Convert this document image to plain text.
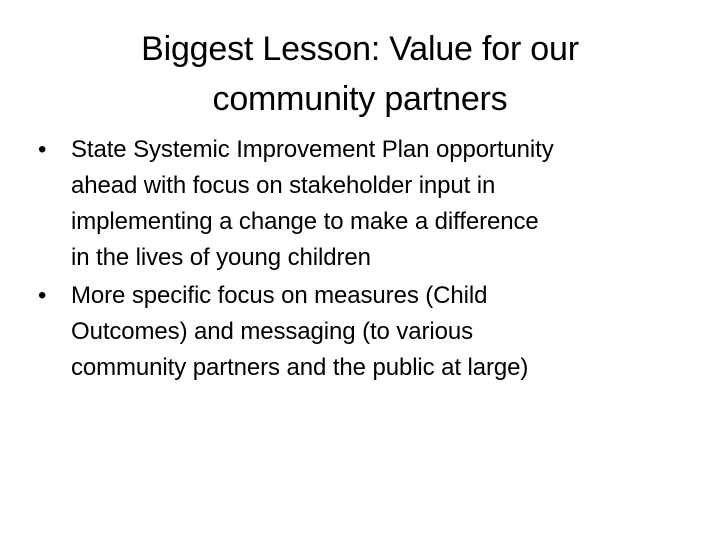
Biggest Lesson: Value for our
community partners
•	State Systemic Improvement Plan opportunity
ahead with focus on stakeholder input in
implementing a change to make a difference
in the lives of young children
•	More specific focus on measures (Child
Outcomes) and messaging (to various
community partners and the public at large)
